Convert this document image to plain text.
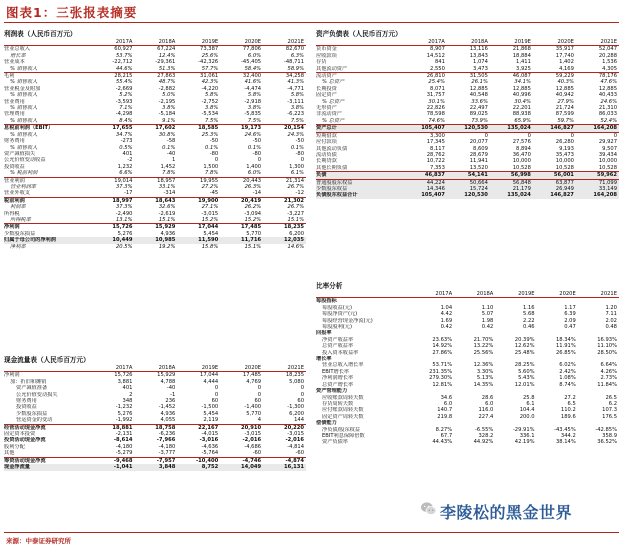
图表1：三张报表摘要
利润表（人民币百万元）
	2017A	2018A	2019E	2020E	2021E
营业总收入	60,927	67,224	73,387	77,806	82,670
增长率	53.7%	12.4%	25.6%	6.0%	6.3%
营业成本	-22,712	-29,361	-42,326	-45,405	-48,711
% 销售收入	44.6%	51.3%	57.7%	58.4%	58.9%
毛利	28,215	27,863	31,061	32,400	34,258
% 销售收入	55.4%	48.7%	42.3%	41.6%	41.3%
营业税金及附加	-2,669	-2,882	-4,220	-4,474	-4,771
% 销售收入	5.2%	5.0%	5.8%	5.8%	5.8%
营业费用	-3,593	-2,195	-2,752	-2,918	-3,111
% 销售收入	7.1%	3.8%	3.8%	3.8%	3.8%
管理费用	-4,298	-5,184	-5,534	-5,835	-6,223
% 销售收入	8.4%	9.1%	7.5%	7.5%	7.5%
息税前利润（EBIT）	17,655	17,602	18,585	19,173	20,154
% 销售收入	34.7%	30.8%	25.3%	24.6%	24.3%
财务费用	-273	-58	-50	-50	-50
% 销售收入	0.5%	0.1%	0.1%	0.1%	0.1%
资产减值损失	401	-40	-80	-80	-80
公允价值变动收益	-2	1	0	0	0
投资收益	1,232	1,452	1,500	1,400	1,300
% 税前利润	6.6%	7.8%	7.8%	6.0%	6.1%
营业利润	19,014	18,957	19,955	20,443	21,314
营业利润率	37.3%	33.1%	27.2%	26.3%	26.7%
营业外收支	-17	-314	-45	-14	-12
税前利润	18,997	18,643	19,900	20,419	21,302
利润率	37.3%	32.6%	27.1%	26.2%	26.7%
所得税	-2,490	-2,619	-3,015	-3,094	-3,227
所得税率	13.1%	15.1%	15.2%	15.2%	15.1%
净利润	15,726	15,929	17,044	17,485	18,235
少数股东损益	5,276	4,936	5,454	5,770	6,200
归属于母公司的净利润	10,449	10,985	11,590	11,716	12,035
净利率	20.5%	19.2%	15.8%	15.1%	14.6%
资产负债表（人民币百万元）
	2017A	2018A	2019E	2020E	2021E
货币资金	8,907	13,116	21,868	35,917	52,047
应收款项	14,512	13,843	18,884	17,740	20,288
存货	841	1,074	1,411	1,402	1,536
其他流动资产	2,550	3,473	3,925	4,169	4,305
流动资产	26,810	31,505	46,087	59,229	78,176
% 总资产	25.4%	26.1%	34.1%	40.3%	47.6%
长期投资	8,071	12,885	12,885	12,885	12,885
固定资产	31,757	40,548	40,996	40,942	40,433
% 总资产	30.1%	33.6%	30.4%	27.9%	24.6%
无形资产	22,826	22,497	22,201	21,724	21,310
非流动资产	78,598	89,025	88,938	87,599	86,033
% 总资产	74.6%	73.9%	65.9%	59.7%	52.4%
资产总计	105,407	120,530	135,024	146,827	164,208
短期借款	3,300	0	0	0	0
应付款项	17,345	20,077	27,576	26,280	29,927
其他流动负债	8,117	8,609	8,894	9,193	9,507
流动负债	28,762	28,679	36,470	35,473	39,434
长期贷款	10,722	11,941	10,000	10,000	10,000
其他长期负债	7,353	13,520	10,528	10,528	10,528
负债	46,837	54,141	56,998	56,001	59,962
普通股股东权益	44,224	50,664	56,848	63,877	71,099
少数股东权益	14,346	15,724	21,179	26,949	33,149
负债股东权益合计	105,407	120,530	135,024	146,827	164,208
现金流量表（人民币百万元）
	2017A	2018A	2019E	2020E	2021E
净利润	15,726	15,929	17,044	17,485	18,235
加：折旧和摊销	3,881	4,788	4,444	4,769	5,080
资产减值准备	401	-40	0	0	0
公允价值变动损失	2	-1	0	0	0
财务费用	348	236	60	60	60
投资收益	-1,232	-1,452	-1,500	-1,400	-1,300
少数股东损益	5,276	4,936	5,454	5,770	6,200
营运资金的变动	-1,992	4,055	2,119	4	144
经营活动现金净流	18,881	18,758	22,167	20,910	20,220
固定资本投资	-2,131	-6,236	-4,015	-3,015	-3,015
投资活动现金净流	-8,614	-7,966	-3,016	-2,016	-2,016
股利分配	-4,180	-4,180	-4,636	-4,686	-4,814
其他	-5,279	-3,777	-5,764	-60	-60
筹资活动现金净流	-9,468	-7,957	-10,400	-4,746	-4,874
现金净流量	-1,041	3,848	8,752	14,049	16,131
比率分析
	2017A	2018A	2019E	2020E	2021E
每股指标					
每股收益(元)	1.04	1.10	1.16	1.17	1.20
每股净资产(元)	4.42	5.07	5.68	6.39	7.11
每股经营现金净流(元)	1.69	1.98	2.22	2.09	2.02
每股股利(元)	0.42	0.42	0.46	0.47	0.48
回报率					
净资产收益率	23.63%	21.70%	20.39%	18.34%	16.93%
总资产收益率	14.92%	13.22%	12.62%	11.91%	11.10%
投入资本收益率	27.86%	25.56%	25.48%	26.85%	28.50%
增长率					
营业总收入增长率	53.71%	12.36%	28.25%	6.02%	6.64%
EBIT增长率	231.35%	3.30%	5.60%	2.42%	4.26%
净利润增长率	279.30%	5.13%	5.43%	1.08%	2.73%
总资产增长率	12.81%	14.35%	12.01%	8.74%	11.84%
资产管理能力					
应收账款周转天数	34.6	28.6	25.8	27.2	26.5
存货周转天数	6.0	6.0	6.1	6.5	6.2
应付账款周转天数	140.7	116.0	104.4	110.2	107.3
固定资产周转天数	219.8	227.4	200.0	189.6	176.5
偿债能力					
净负债/股东权益	8.27%	-6.55%	-29.91%	-43.45%	-42.85%
EBIT利息保障倍数	67.7	328.2	336.1	344.2	358.9
资产负债率	44.43%	44.92%	42.19%	38.14%	36.52%
李陵松的黑金世界
来源：中泰证券研究所
